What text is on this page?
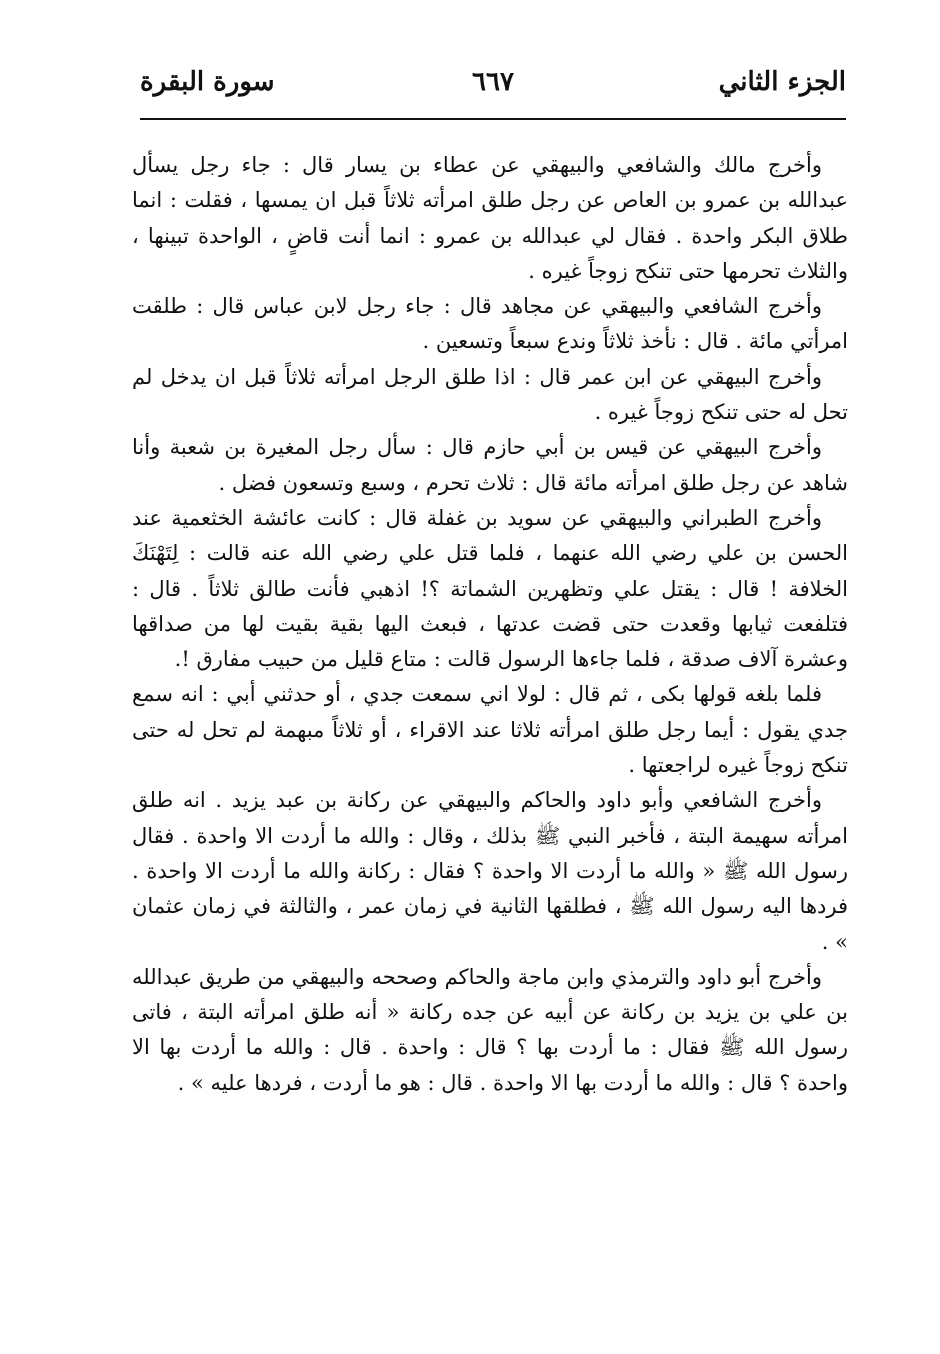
الجزء الثاني
٦٦٧
سورة البقرة

وأخرج مالك والشافعي والبيهقي عن عطاء بن يسار قال : جاء رجل يسأل عبدالله بن عمرو بن العاص عن رجل طلق امرأته ثلاثاً قبل ان يمسها ، فقلت : انما طلاق البكر واحدة . فقال لي عبدالله بن عمرو : انما أنت قاضٍ ، الواحدة تبينها ، والثلاث تحرمها حتى تنكح زوجاً غيره .

وأخرج الشافعي والبيهقي عن مجاهد قال : جاء رجل لابن عباس قال : طلقت امرأتي مائة . قال : نأخذ ثلاثاً وندع سبعاً وتسعين .

وأخرج البيهقي عن ابن عمر قال : اذا طلق الرجل امرأته ثلاثاً قبل ان يدخل لم تحل له حتى تنكح زوجاً غيره .

وأخرج البيهقي عن قيس بن أبي حازم قال : سأل رجل المغيرة بن شعبة وأنا شاهد عن رجل طلق امرأته مائة قال : ثلاث تحرم ، وسبع وتسعون فضل .

وأخرج الطبراني والبيهقي عن سويد بن غفلة قال : كانت عائشة الخثعمية عند الحسن بن علي رضي الله عنهما ، فلما قتل علي رضي الله عنه قالت : لِتَهْنَكَ الخلافة ! قال : يقتل علي وتظهرين الشماتة ؟! اذهبي فأنت طالق ثلاثاً . قال : فتلفعت ثيابها وقعدت حتى قضت عدتها ، فبعث اليها بقية بقيت لها من صداقها وعشرة آلاف صدقة ، فلما جاءها الرسول قالت : متاع قليل من حبيب مفارق !.

فلما بلغه قولها بكى ، ثم قال : لولا اني سمعت جدي ، أو حدثني أبي : انه سمع جدي يقول : أيما رجل طلق امرأته ثلاثا عند الاقراء ، أو ثلاثاً مبهمة لم تحل له حتى تنكح زوجاً غيره لراجعتها .

وأخرج الشافعي وأبو داود والحاكم والبيهقي عن ركانة بن عبد يزيد . انه طلق امرأته سهيمة البتة ، فأخبر النبي ﷺ بذلك ، وقال : والله ما أردت الا واحدة . فقال رسول الله ﷺ « والله ما أردت الا واحدة ؟ فقال : ركانة والله ما أردت الا واحدة . فردها اليه رسول الله ﷺ ، فطلقها الثانية في زمان عمر ، والثالثة في زمان عثمان » .

وأخرج أبو داود والترمذي وابن ماجة والحاكم وصححه والبيهقي من طريق عبدالله بن علي بن يزيد بن ركانة عن أبيه عن جده ركانة « أنه طلق امرأته البتة ، فاتى رسول الله ﷺ فقال : ما أردت بها ؟ قال : واحدة . قال : والله ما أردت بها الا واحدة ؟ قال : والله ما أردت بها الا واحدة . قال : هو ما أردت ، فردها عليه » .
